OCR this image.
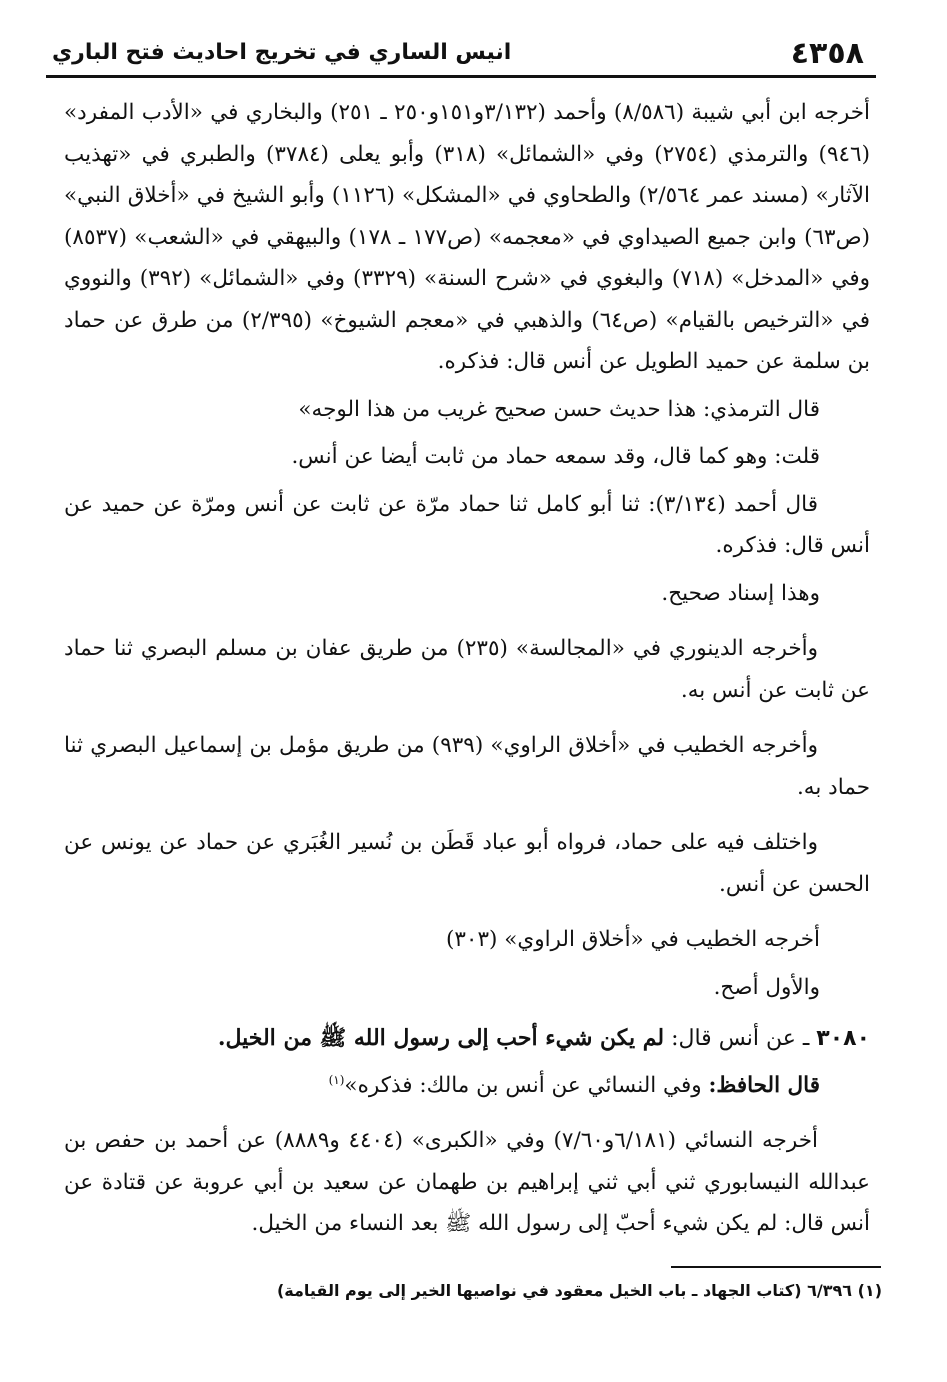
٤٣٥٨
انيس الساري في تخريج احاديث فتح الباري

أخرجه ابن أبي شيبة (٨/٥٨٦) وأحمد (٣/١٣٢و١٥١و٢٥٠ ـ ٢٥١) والبخاري في «الأدب المفرد» (٩٤٦) والترمذي (٢٧٥٤) وفي «الشمائل» (٣١٨) وأبو يعلى (٣٧٨٤) والطبري في «تهذيب الآثار» (مسند عمر ٢/٥٦٤) والطحاوي في «المشكل» (١١٢٦) وأبو الشيخ في «أخلاق النبي» (ص٦٣) وابن جميع الصيداوي في «معجمه» (ص١٧٧ ـ ١٧٨) والبيهقي في «الشعب» (٨٥٣٧) وفي «المدخل» (٧١٨) والبغوي في «شرح السنة» (٣٣٢٩) وفي «الشمائل» (٣٩٢) والنووي في «الترخيص بالقيام» (ص٦٤) والذهبي في «معجم الشيوخ» (٢/٣٩٥) من طرق عن حماد بن سلمة عن حميد الطويل عن أنس قال: فذكره.

قال الترمذي: هذا حديث حسن صحيح غريب من هذا الوجه»

قلت: وهو كما قال، وقد سمعه حماد من ثابت أيضا عن أنس.

قال أحمد (٣/١٣٤): ثنا أبو كامل ثنا حماد مرّة عن ثابت عن أنس ومرّة عن حميد عن أنس قال: فذكره.

وهذا إسناد صحيح.

وأخرجه الدينوري في «المجالسة» (٢٣٥) من طريق عفان بن مسلم البصري ثنا حماد عن ثابت عن أنس به.

وأخرجه الخطيب في «أخلاق الراوي» (٩٣٩) من طريق مؤمل بن إسماعيل البصري ثنا حماد به.

واختلف فيه على حماد، فرواه أبو عباد قَطَن بن نُسير الغُبَري عن حماد عن يونس عن الحسن عن أنس.

أخرجه الخطيب في «أخلاق الراوي» (٣٠٣)

والأول أصح.

٣٠٨٠ ـ عن أنس قال: لم يكن شيء أحب إلى رسول الله ﷺ من الخيل.

قال الحافظ: وفي النسائي عن أنس بن مالك: فذكره»$^{(١)}$

أخرجه النسائي (٦/١٨١و٧/٦٠) وفي «الكبرى» (٤٤٠٤ و٨٨٨٩) عن أحمد بن حفص بن عبدالله النيسابوري ثني أبي ثني إبراهيم بن طهمان عن سعيد بن أبي عروبة عن قتادة عن أنس قال: لم يكن شيء أحبّ إلى رسول الله ﷺ بعد النساء من الخيل.

(١) ٦/٣٩٦ (كتاب الجهاد ـ باب الخيل معقود في نواصيها الخير إلى يوم القيامة)
